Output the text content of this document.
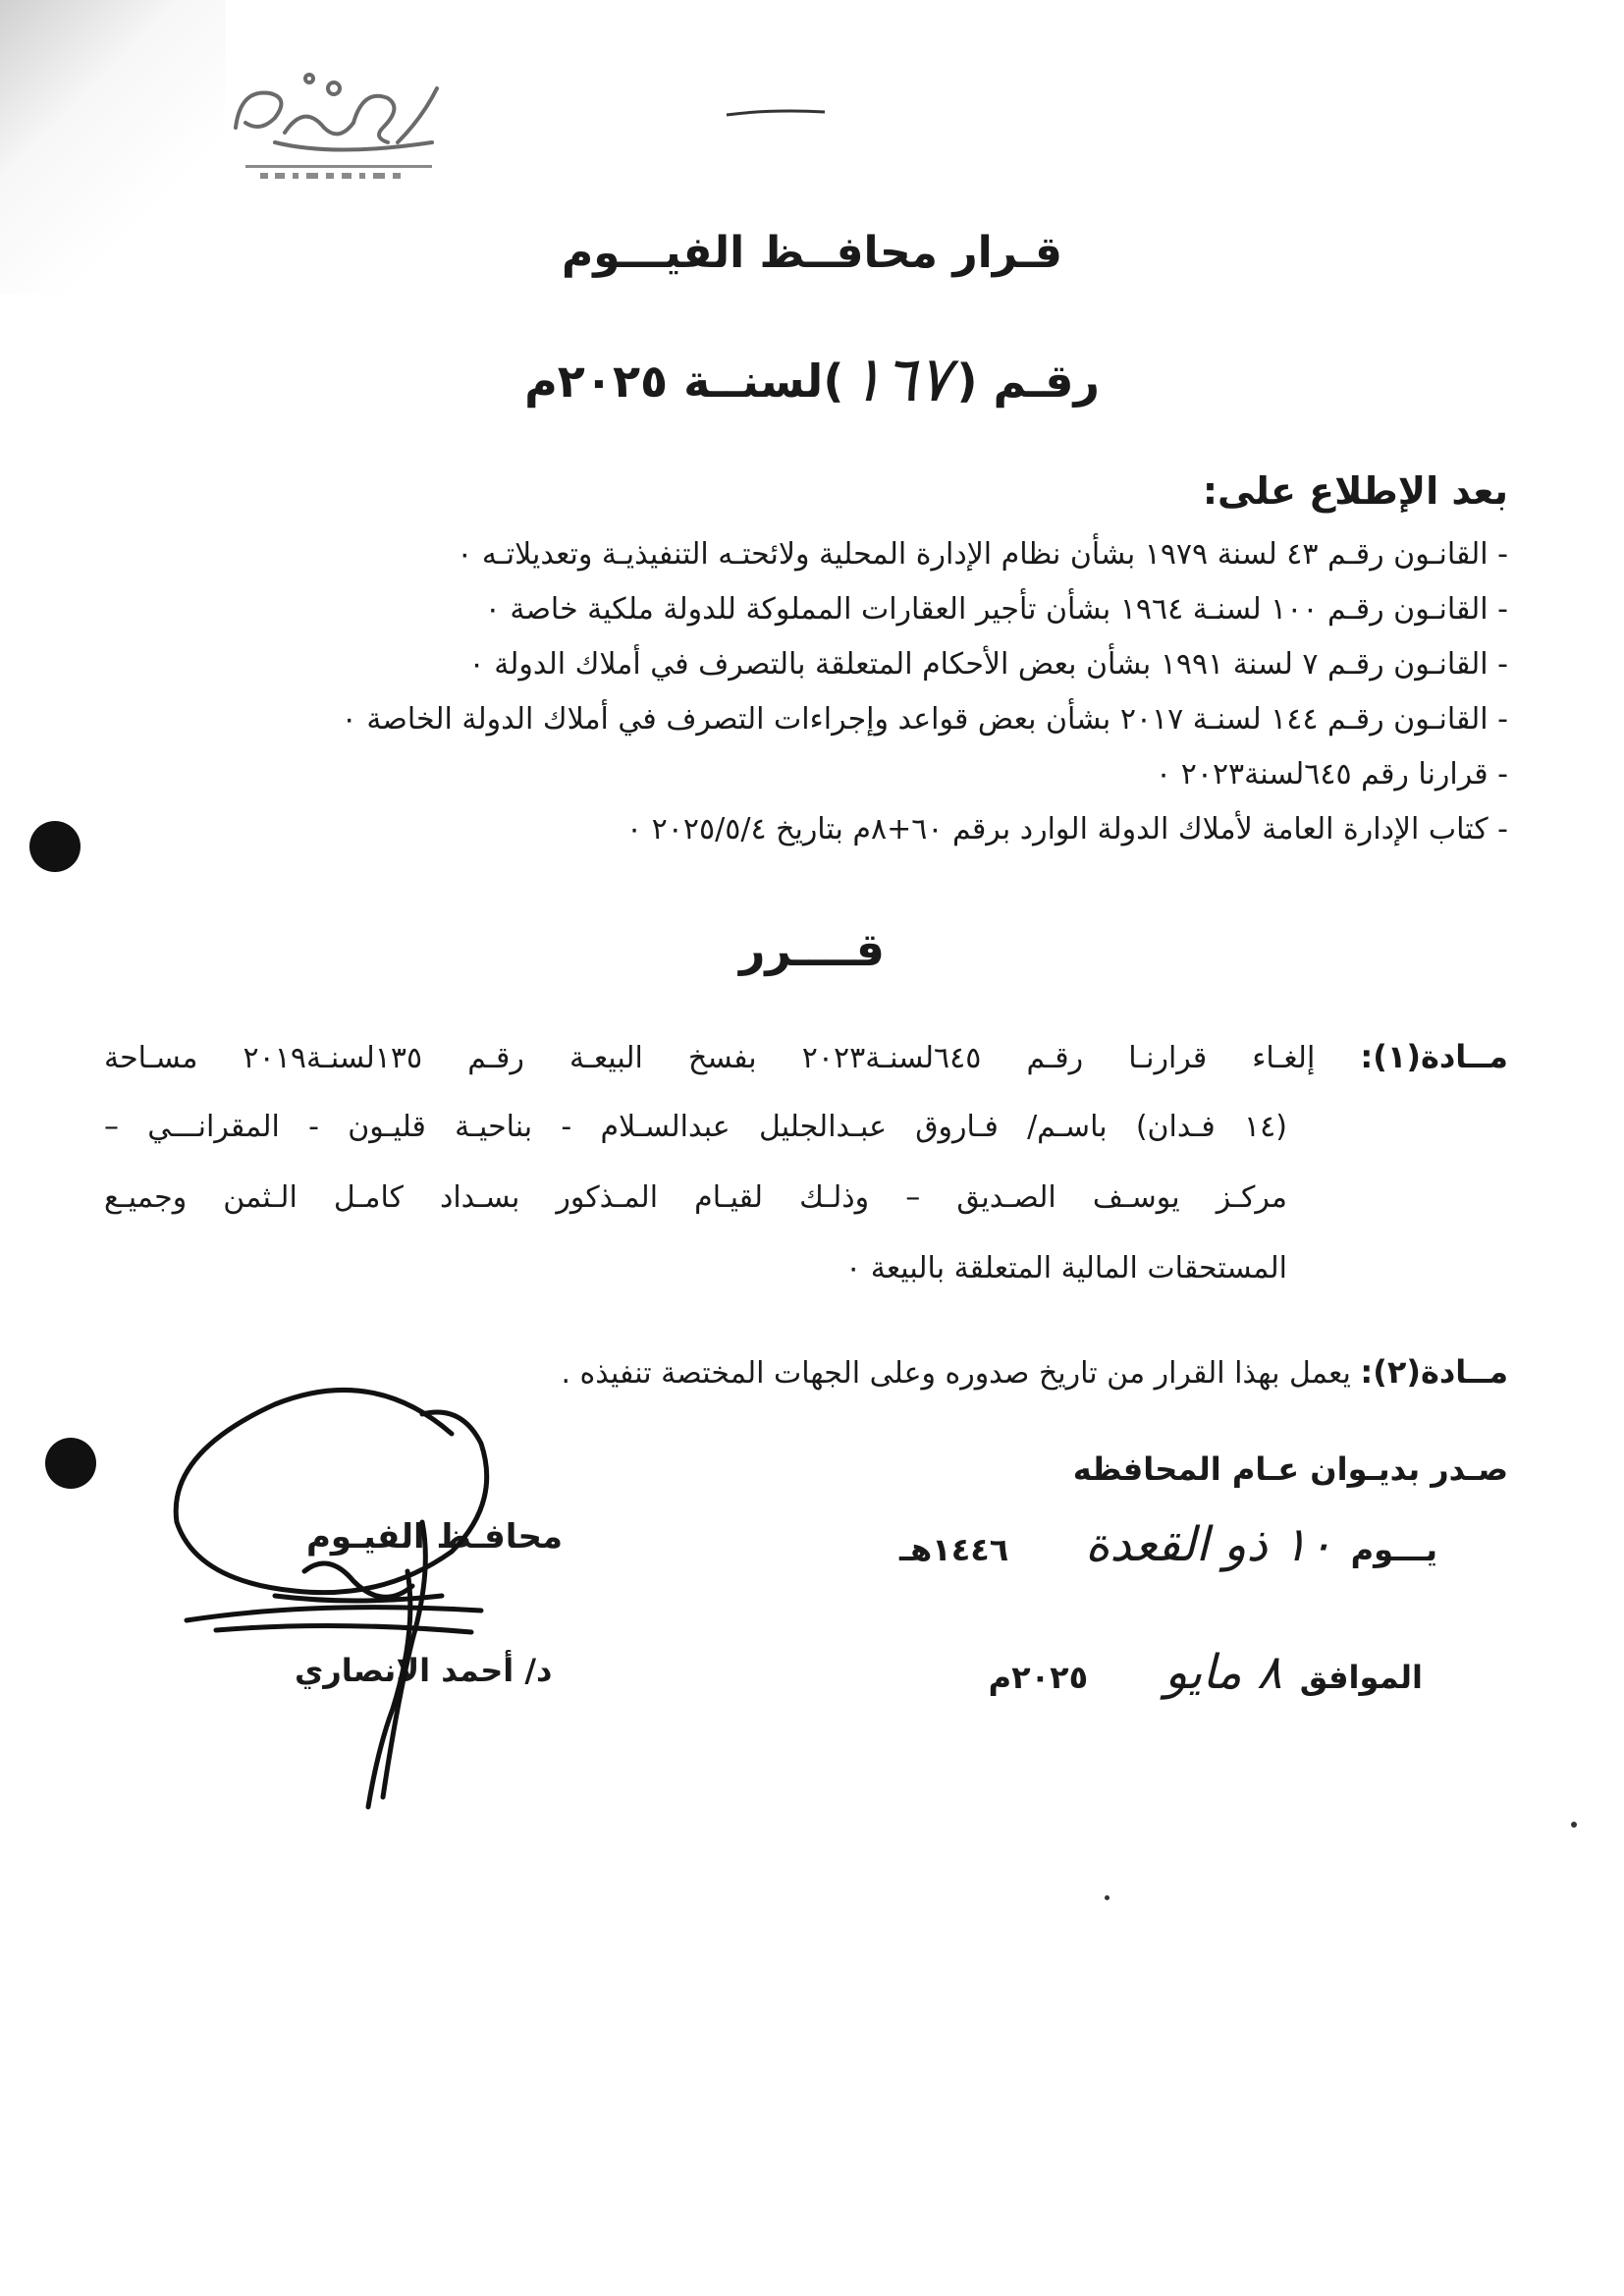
قـرار محافــظ الفيـــوم
رقـم (١٦٧)لسنــة ٢٠٢٥م
بعد الإطلاع على:
- القانـون رقـم ٤٣ لسنة ١٩٧٩ بشأن نظام الإدارة المحلية ولائحتـه التنفيذيـة وتعديلاتـه ٠
- القانـون رقـم ١٠٠ لسنـة ١٩٦٤ بشأن تأجير العقارات المملوكة للدولة ملكية خاصة ٠
- القانـون رقـم ٧ لسنة ١٩٩١ بشأن بعض الأحكام المتعلقة بالتصرف في أملاك الدولة ٠
- القانـون رقـم ١٤٤ لسنـة ٢٠١٧ بشأن بعض قواعد وإجراءات التصرف في أملاك الدولة الخاصة ٠
- قرارنا رقم ٦٤٥لسنة٢٠٢٣ ٠
- كتاب الإدارة العامة لأملاك الدولة الوارد برقم ٦٠+٨م بتاريخ ٢٠٢٥/٥/٤ ٠
قــــرر
مــادة(١): إلغـاء قرارنـا رقـم ٦٤٥لسنـة٢٠٢٣ بفسخ البيعـة رقـم ١٣٥لسنـة٢٠١٩ مسـاحة
(١٤ فـدان) باسـم/ فـاروق عبـدالجليل عبدالسـلام - بناحيـة قليـون - المقرانـــي –
مركـز يوسـف الصـديق – وذلـك لقيـام المـذكور بسـداد كامـل الـثمن وجميـع
المستحقات المالية المتعلقة بالبيعة ٠
مــادة(٢): يعمل بهذا القرار من تاريخ صدوره وعلى الجهات المختصة تنفيذه .
صـدر بديـوان عـام المحافظه
يـــوم١٠ ذو القعدة١٤٤٦هـ
الموافق٨ مايو٢٠٢٥م
محافـظ الفيـوم
د/ أحمد الانصاري
